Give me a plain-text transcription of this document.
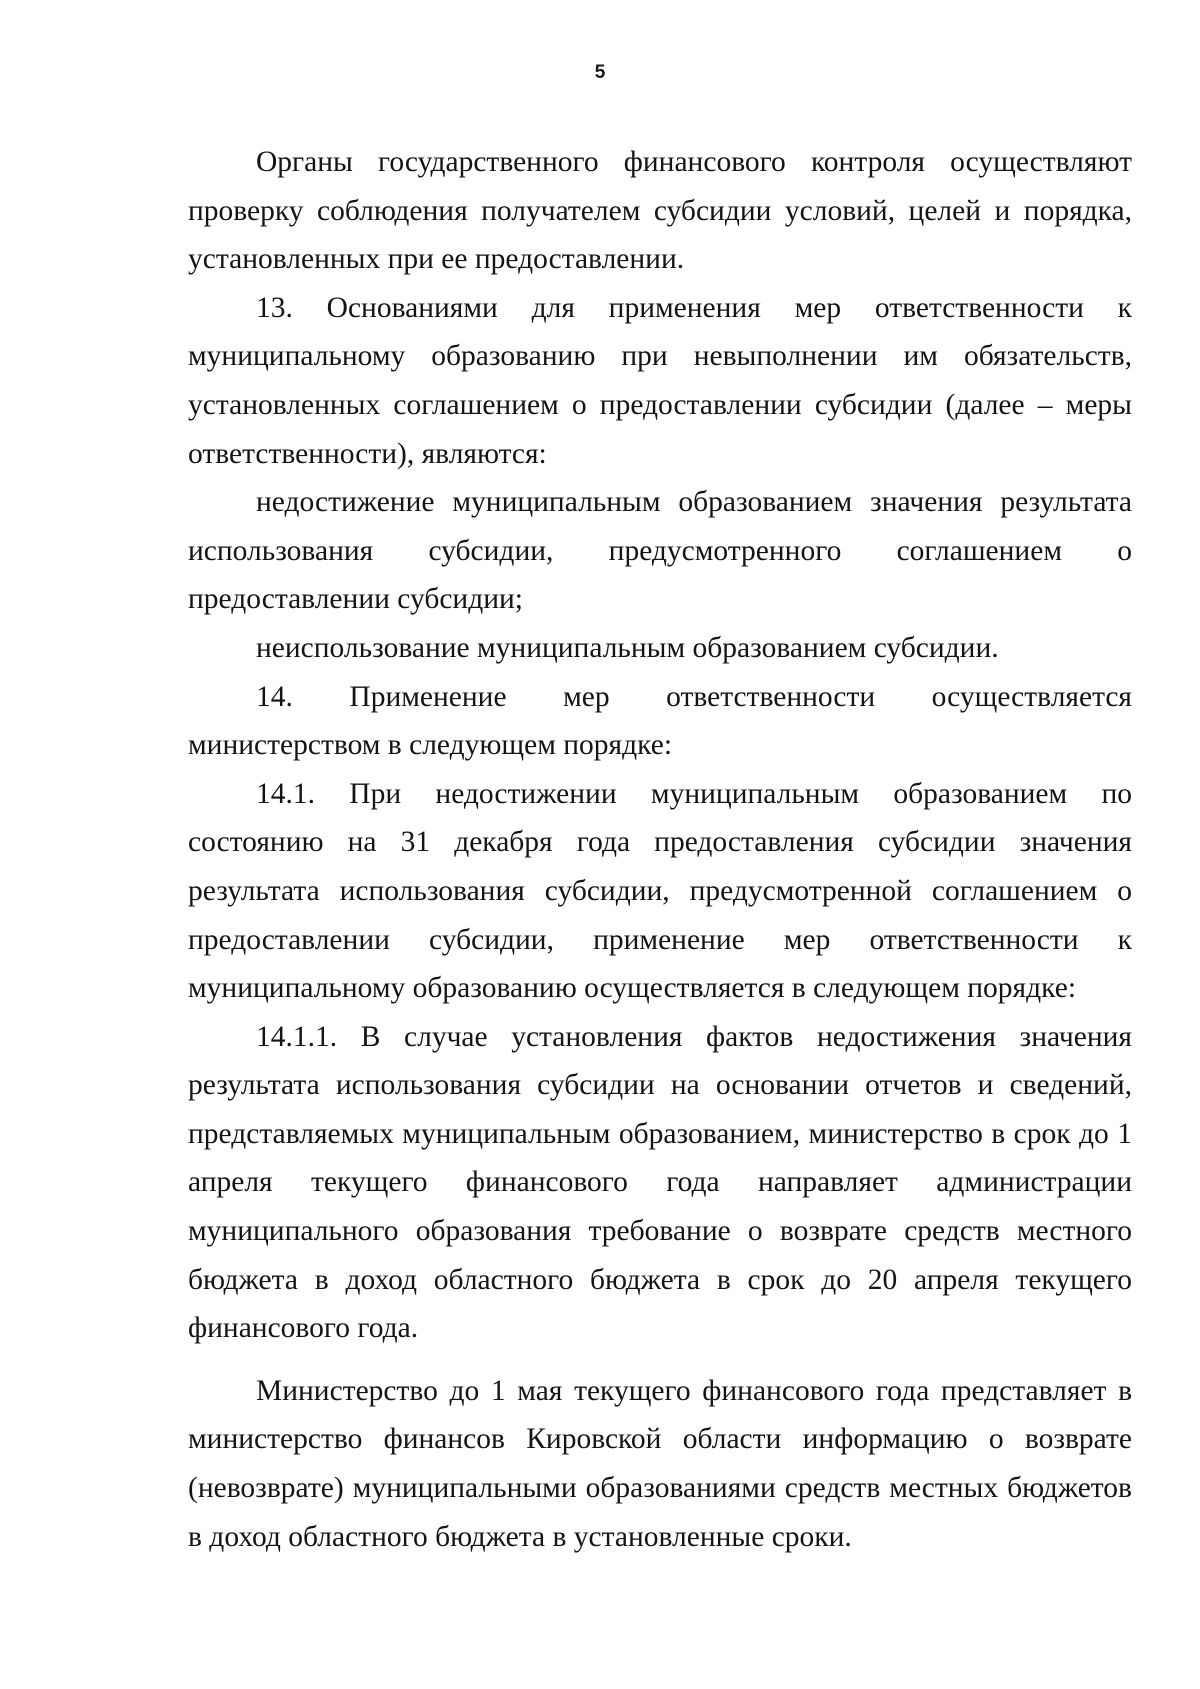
5

Органы государственного финансового контроля осуществляют проверку соблюдения получателем субсидии условий, целей и порядка, установленных при ее предоставлении.

13. Основаниями для применения мер ответственности к муниципальному образованию при невыполнении им обязательств, установленных соглашением о предоставлении субсидии (далее – меры ответственности), являются:

недостижение муниципальным образованием значения результата использования субсидии, предусмотренного соглашением о предоставлении субсидии;

неиспользование муниципальным образованием субсидии.

14. Применение мер ответственности осуществляется министерством в следующем порядке:

14.1. При недостижении муниципальным образованием по состоянию на 31 декабря года предоставления субсидии значения результата использования субсидии, предусмотренной соглашением о предоставлении субсидии, применение мер ответственности к муниципальному образованию осуществляется в следующем порядке:

14.1.1. В случае установления фактов недостижения значения результата использования субсидии на основании отчетов и сведений, представляемых муниципальным образованием, министерство в срок до 1 апреля текущего финансового года направляет администрации муниципального образования требование о возврате средств местного бюджета в доход областного бюджета в срок до 20 апреля текущего финансового года.

Министерство до 1 мая текущего финансового года представляет в министерство финансов Кировской области информацию о возврате (невозврате) муниципальными образованиями средств местных бюджетов в доход областного бюджета в установленные сроки.
